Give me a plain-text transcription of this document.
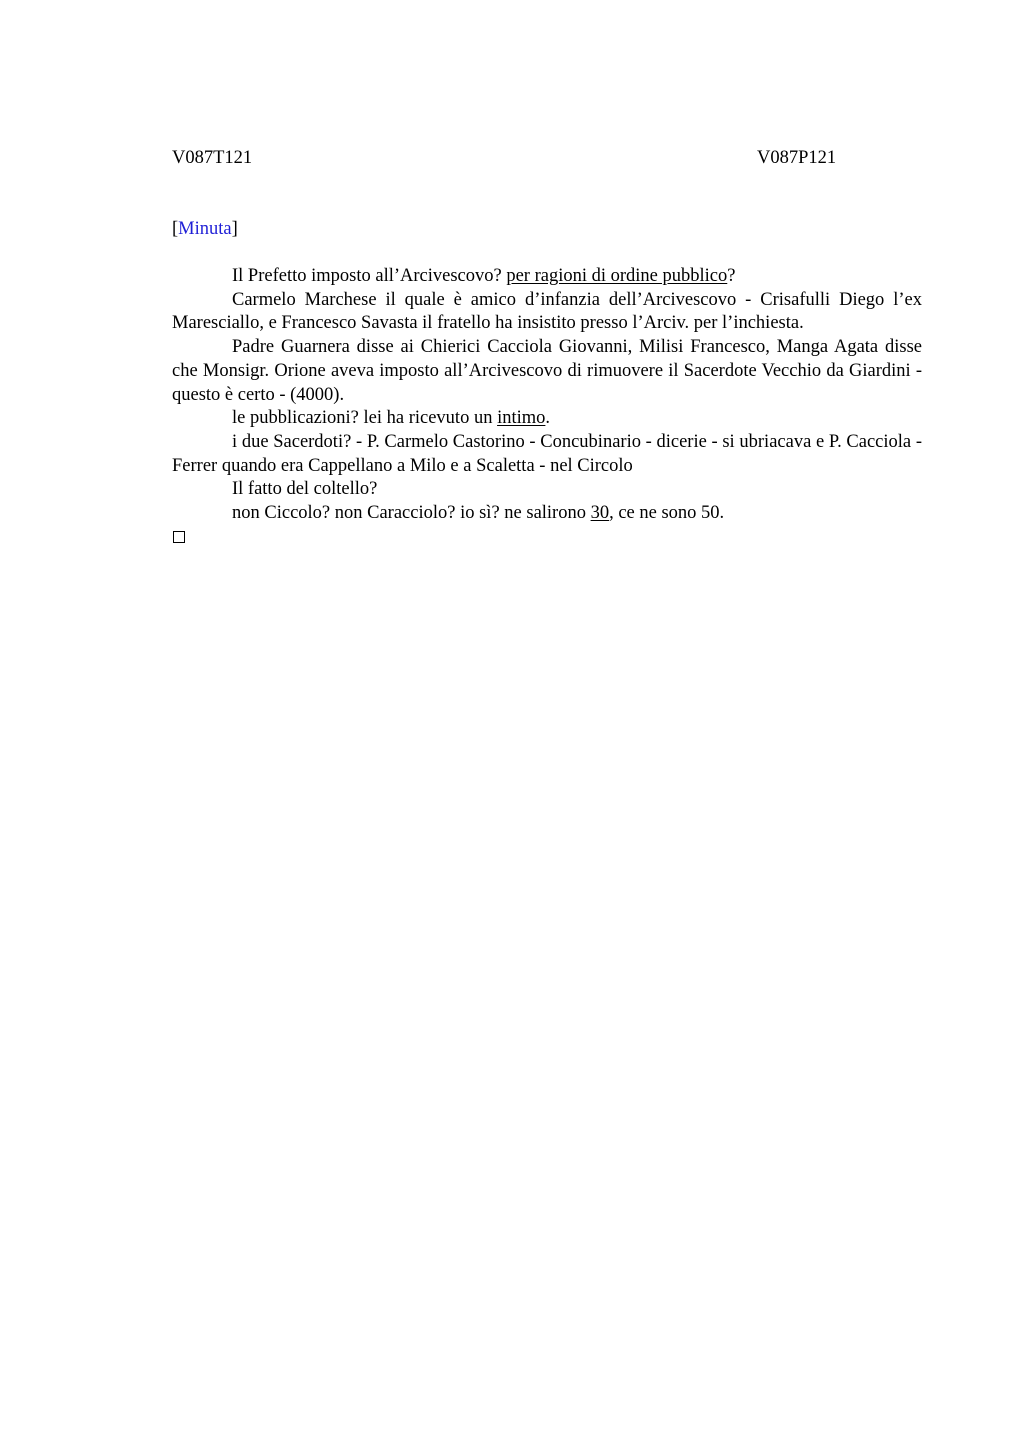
V087T121	V087P121
[Minuta]

Il Prefetto imposto all’Arcivescovo? per ragioni di ordine pubblico?

Carmelo Marchese il quale è amico d’infanzia dell’Arcivescovo - Crisafulli Diego l’ex Maresciallo, e Francesco Savasta il fratello ha insistito presso l’Arciv. per l’inchiesta.

Padre Guarnera disse ai Chierici Cacciola Giovanni, Milisi Francesco, Manga Agata disse che Monsigr. Orione aveva imposto all’Arcivescovo di rimuovere il Sacerdote Vecchio da Giardini - questo è certo - (4000).

le pubblicazioni? lei ha ricevuto un intimo.

i due Sacerdoti? - P. Carmelo Castorino - Concubinario - dicerie - si ubriacava e P. Cacciola - Ferrer quando era Cappellano a Milo e a Scaletta - nel Circolo

Il fatto del coltello?

non Ciccolo? non Caracciolo? io sì? ne salirono 30, ce ne sono 50.
